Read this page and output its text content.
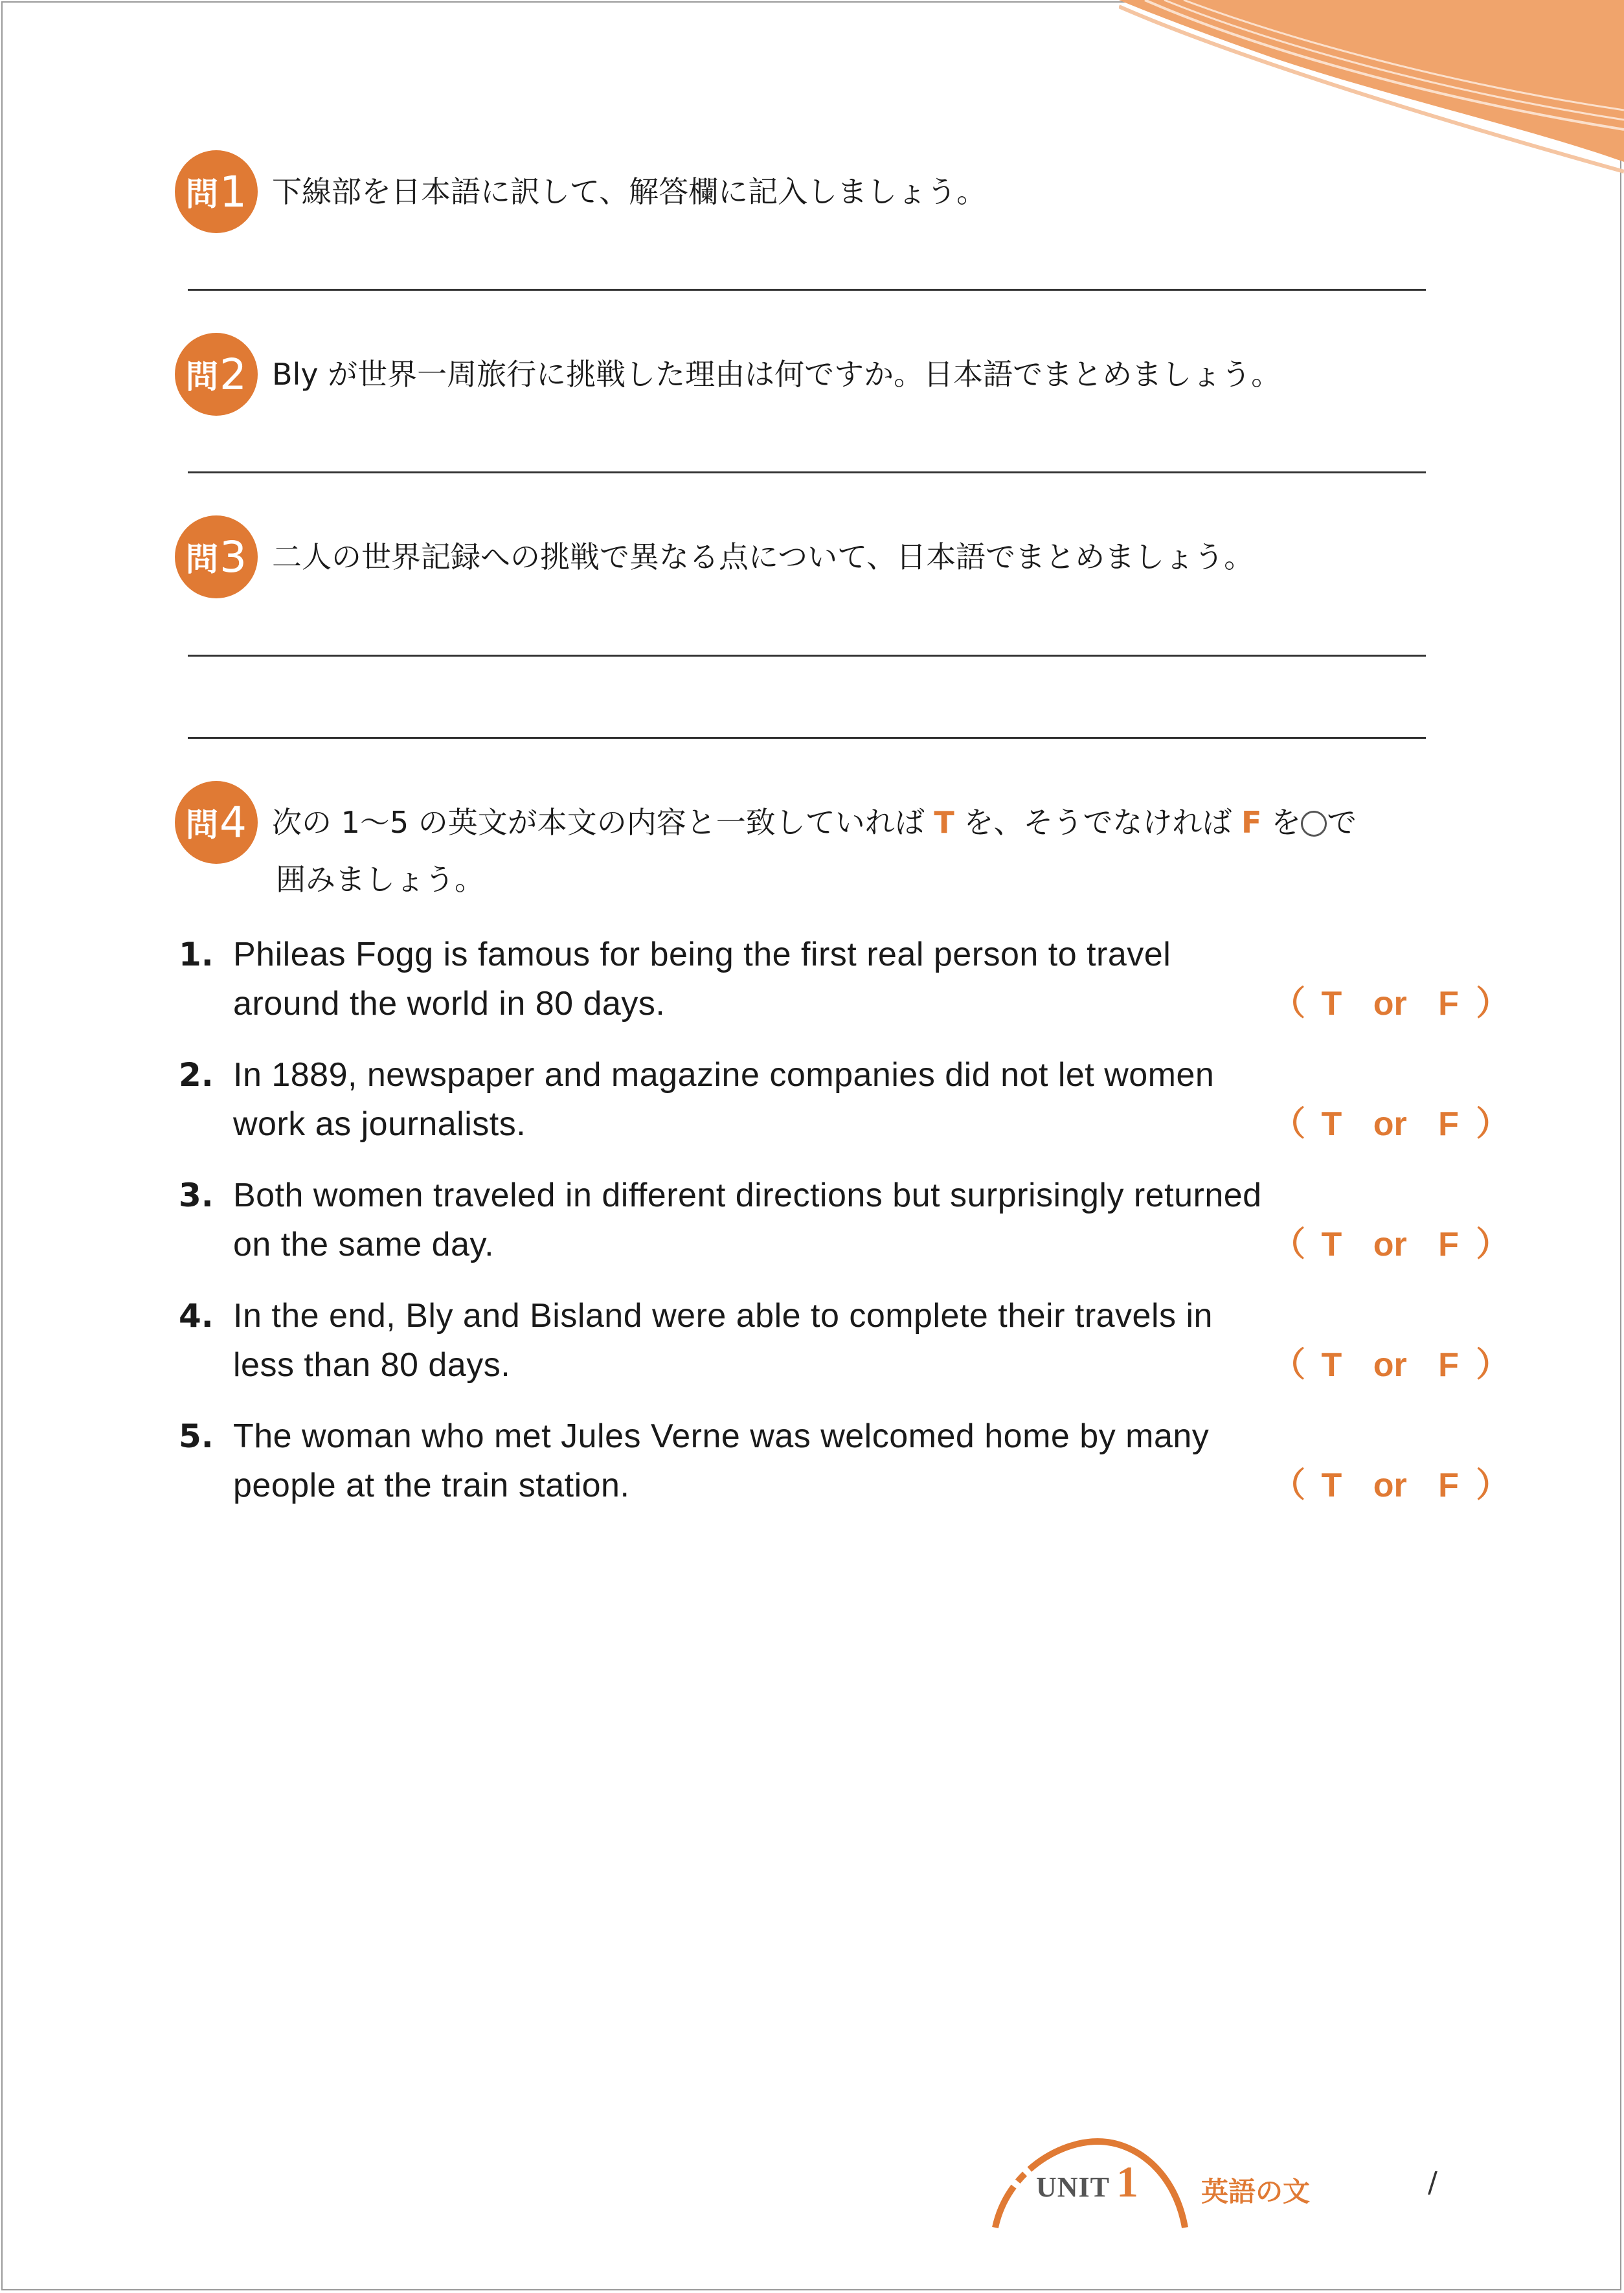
問 1 下線部を日本語に訳して、解答欄に記入しましょう。
問 2 Bly が世界一周旅行に挑戦した理由は何ですか。日本語でまとめましょう。
問 3 二人の世界記録への挑戦で異なる点について、日本語でまとめましょう。
問 4 次の 1〜5 の英文が本文の内容と一致していれば T を、そうでなければ F を で
囲みましょう。
1. Phileas Fogg is famous for being the first real person to travel around the world in 80 days.	（ T or F ）
2. In 1889, newspaper and magazine companies did not let women work as journalists.	（ T or F ）
3. Both women traveled in different directions but surprisingly returned on the same day.	（ T or F ）
4. In the end, Bly and Bisland were able to complete their travels in less than 80 days.	（ T or F ）
5. The woman who met Jules Verne was welcomed home by many people at the train station.	（ T or F ）
UNIT 1 英語の文	/
